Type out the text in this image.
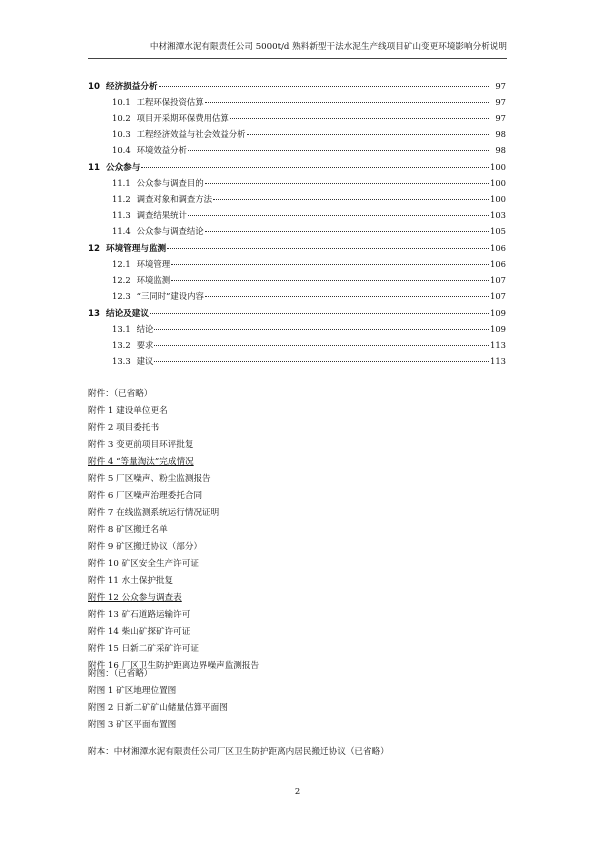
中材湘潭水泥有限责任公司 5000t/d 熟料新型干法水泥生产线项目矿山变更环境影响分析说明
10 经济损益分析	97
10.1 工程环保投资估算	97
10.2 项目开采期环保费用估算	97
10.3 工程经济效益与社会效益分析	98
10.4 环境效益分析	98
11 公众参与	100
11.1 公众参与调查目的	100
11.2 调查对象和调查方法	100
11.3 调查结果统计	103
11.4 公众参与调查结论	105
12 环境管理与监测	106
12.1 环境管理	106
12.2 环境监测	107
12.3 “三同时”建设内容	107
13 结论及建议	109
13.1 结论	109
13.2 要求	113
13.3 建议	113
附件：（已省略）
附件 1 建设单位更名
附件 2 项目委托书
附件 3 变更前项目环评批复
附件 4 “等量淘汰”完成情况
附件 5 厂区噪声、粉尘监测报告
附件 6 厂区噪声治理委托合同
附件 7 在线监测系统运行情况证明
附件 8 矿区搬迁名单
附件 9 矿区搬迁协议（部分）
附件 10 矿区安全生产许可证
附件 11 水土保护批复
附件 12 公众参与调查表
附件 13 矿石道路运输许可
附件 14 柴山矿探矿许可证
附件 15 日新二矿采矿许可证
附件 16 厂区卫生防护距离边界噪声监测报告
附图：（已省略）
附图 1 矿区地理位置图
附图 2 日新二矿矿山储量估算平面图
附图 3 矿区平面布置图
附本：中材湘潭水泥有限责任公司厂区卫生防护距离内居民搬迁协议（已省略）
2
